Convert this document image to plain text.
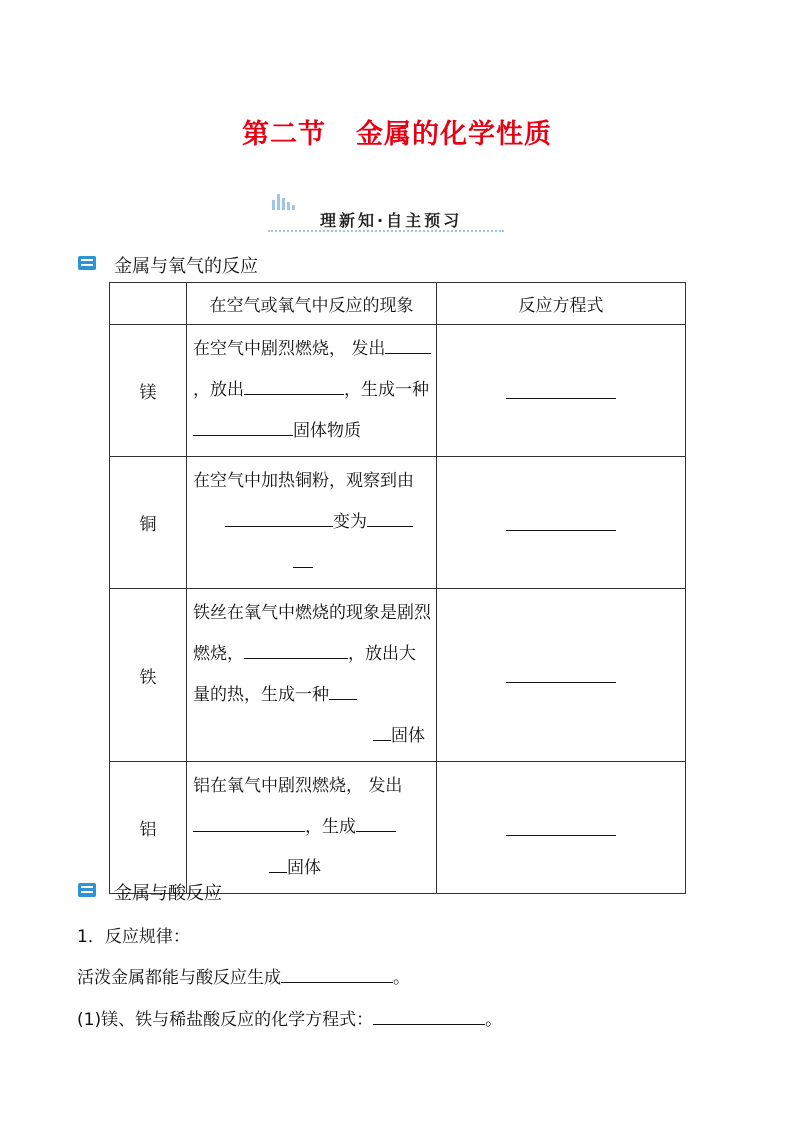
第二节 金属的化学性质
理新知·自主预习
金属与氧气的反应
	在空气或氧气中反应的现象	反应方程式
镁	在空气中剧烈燃烧， 发出，放出 ，生成一种固体物质	
铜	在空气中加热铜粉，观察到由变为	
铁	铁丝在氧气中燃烧的现象是剧烈燃烧， ，放出大量的热，生成一种固体	
铝	铝在氧气中剧烈燃烧， 发出，生成固体	
金属与酸反应
1．反应规律：
活泼金属都能与酸反应生成	。
(1)镁、铁与稀盐酸反应的化学方程式：	。
